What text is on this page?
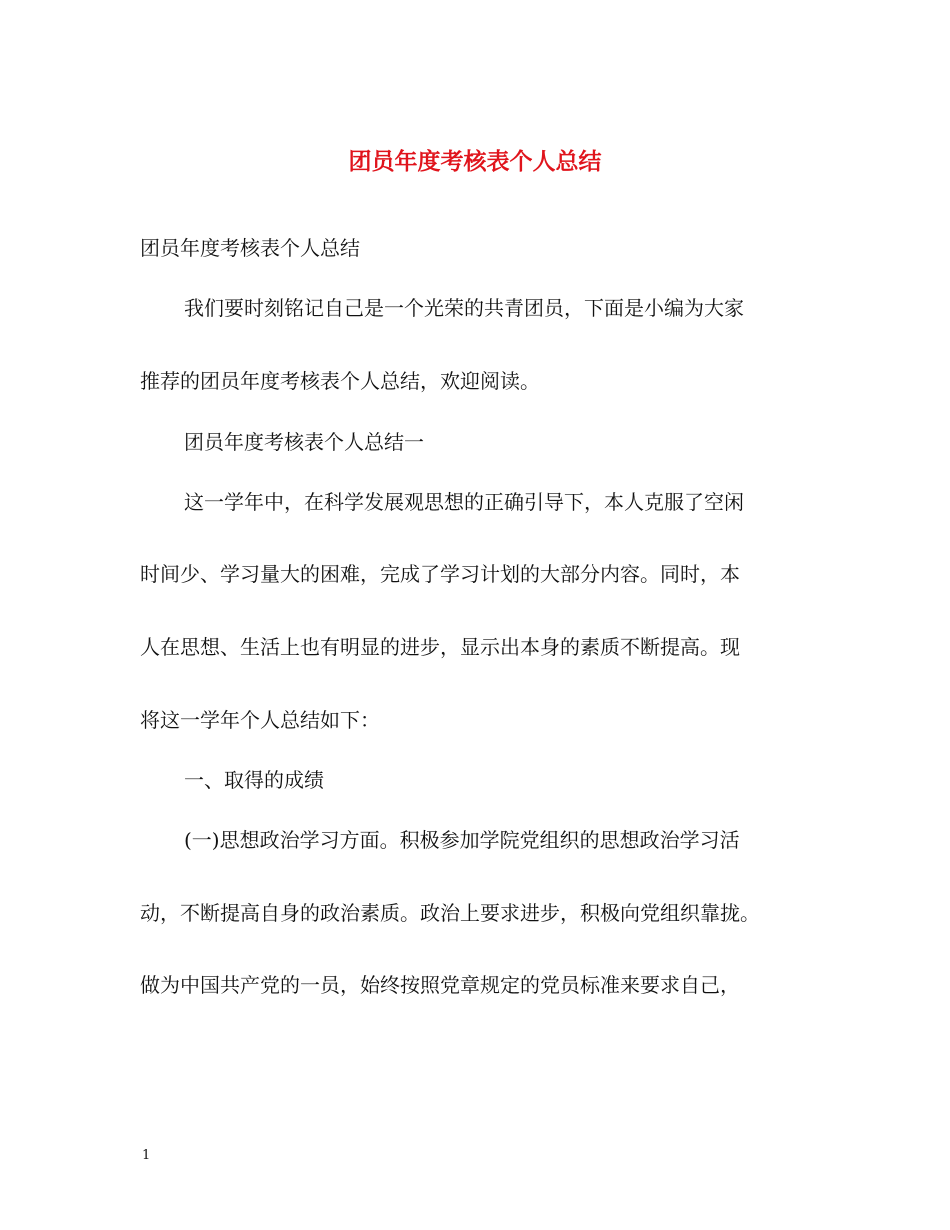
团员年度考核表个人总结
团员年度考核表个人总结
我们要时刻铭记自己是一个光荣的共青团员，下面是小编为大家
推荐的团员年度考核表个人总结，欢迎阅读。
团员年度考核表个人总结一
这一学年中，在科学发展观思想的正确引导下，本人克服了空闲
时间少、学习量大的困难，完成了学习计划的大部分内容。同时，本
人在思想、生活上也有明显的进步，显示出本身的素质不断提高。现
将这一学年个人总结如下：
一、取得的成绩
(一)思想政治学习方面。积极参加学院党组织的思想政治学习活
动，不断提高自身的政治素质。政治上要求进步，积极向党组织靠拢。
做为中国共产党的一员，始终按照党章规定的党员标准来要求自己，
1
